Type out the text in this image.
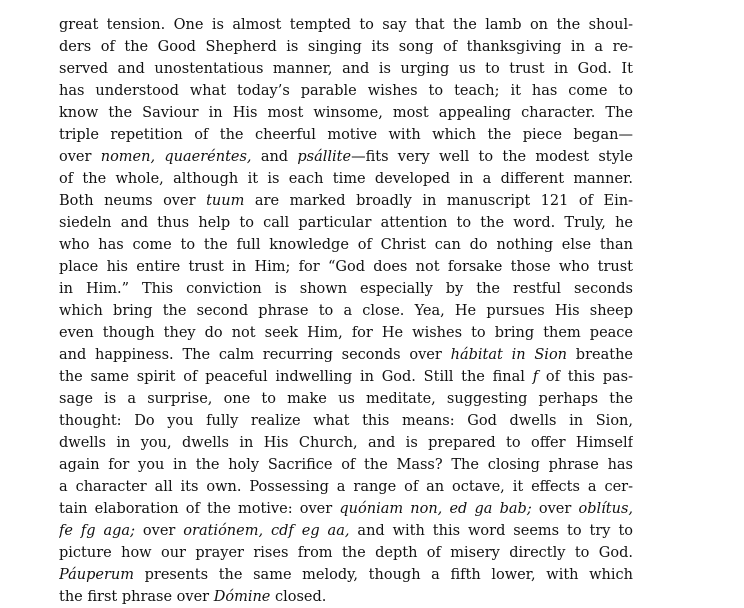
great tension. One is almost tempted to say that the lamb on the shoul-
ders of the Good Shepherd is singing its song of thanksgiving in a re-
served and unostentatious manner, and is urging us to trust in God. It
has understood what today’s parable wishes to teach; it has come to
know the Saviour in His most winsome, most appealing character. The
triple repetition of the cheerful motive with which the piece began—
over nomen, quaeréntes, and psállite—fits very well to the modest style
of the whole, although it is each time developed in a different manner.
Both neums over tuum are marked broadly in manuscript 121 of Ein-
siedeln and thus help to call particular attention to the word. Truly, he
who has come to the full knowledge of Christ can do nothing else than
place his entire trust in Him; for “God does not forsake those who trust
in Him.” This conviction is shown especially by the restful seconds
which bring the second phrase to a close. Yea, He pursues His sheep
even though they do not seek Him, for He wishes to bring them peace
and happiness. The calm recurring seconds over hábitat in Sion breathe
the same spirit of peaceful indwelling in God. Still the final f of this pas-
sage is a surprise, one to make us meditate, suggesting perhaps the
thought: Do you fully realize what this means: God dwells in Sion,
dwells in you, dwells in His Church, and is prepared to offer Himself
again for you in the holy Sacrifice of the Mass? The closing phrase has
a character all its own. Possessing a range of an octave, it effects a cer-
tain elaboration of the motive: over quóniam non, ed ga bab; over oblítus,
fe fg aga; over oratiónem, cdf eg aa, and with this word seems to try to
picture how our prayer rises from the depth of misery directly to God.
Páuperum presents the same melody, though a fifth lower, with which
the first phrase over Dómine closed.
